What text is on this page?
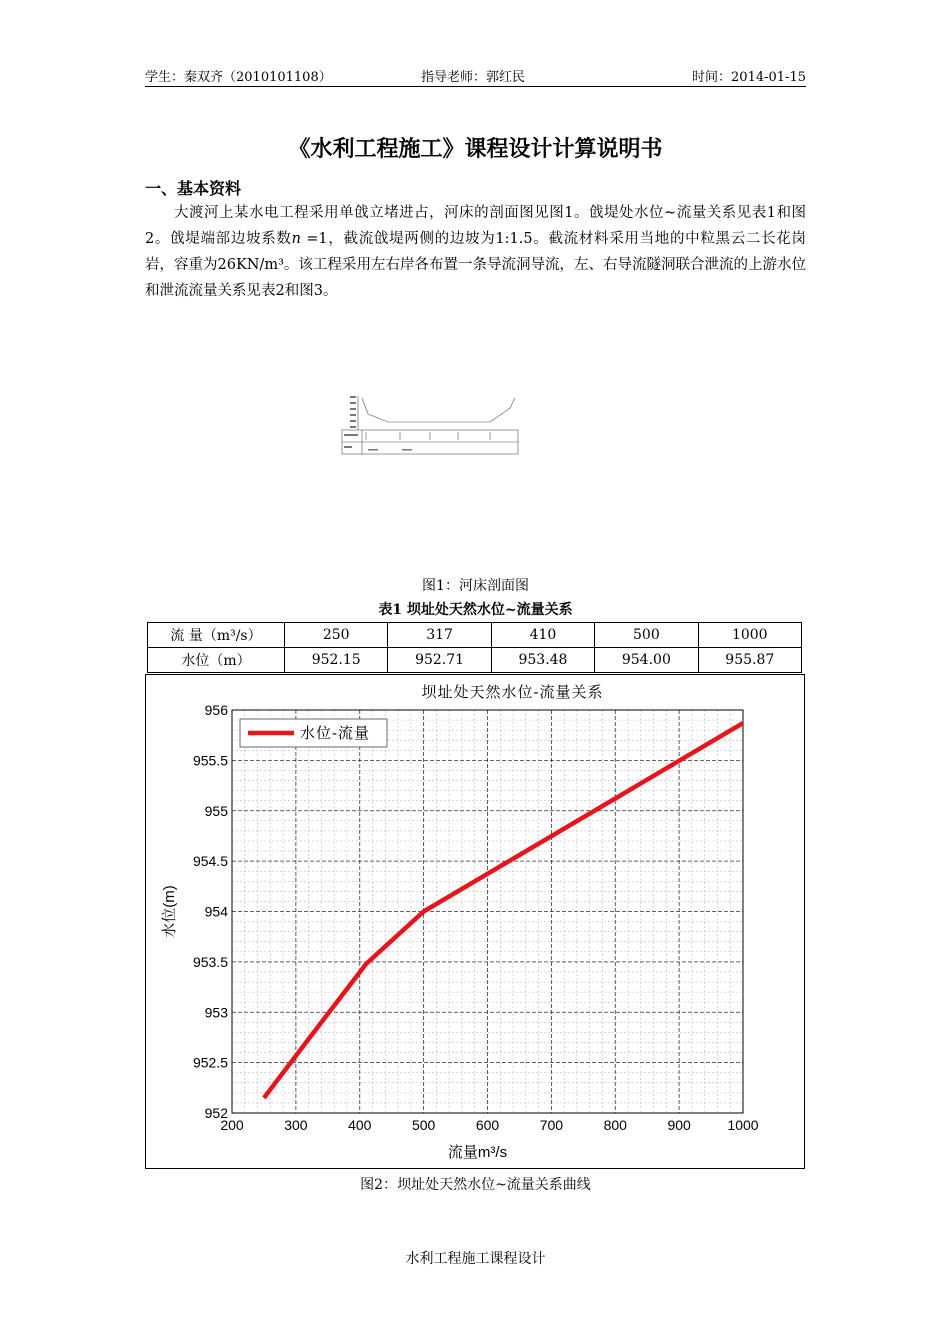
学生：秦双齐（2010101108）	指导老师：郭红民	时间：2014-01-15
《水利工程施工》课程设计计算说明书
一、基本资料
大渡河上某水电工程采用单戗立堵进占，河床的剖面图见图1。戗堤处水位~流量关系见表1和图2。戗堤端部边坡系数n =1，截流戗堤两侧的边坡为1:1.5。截流材料采用当地的中粒黑云二长花岗岩，容重为26KN/m³。该工程采用左右岸各布置一条导流洞导流，左、右导流隧洞联合泄流的上游水位和泄流流量关系见表2和图3。
图1：河床剖面图
表1 坝址处天然水位~流量关系
流 量（m³/s）	250	317	410	500	1000
水位（m）	952.15	952.71	953.48	954.00	955.87
200	300	400	500	600	700	800	900	1000
956
955.5
955
954.5
954
953.5
953
952.5
952
坝址处天然水位-流量关系
流量m³/s
水位(m)
水位-流量
图2：坝址处天然水位~流量关系曲线
水利工程施工课程设计
